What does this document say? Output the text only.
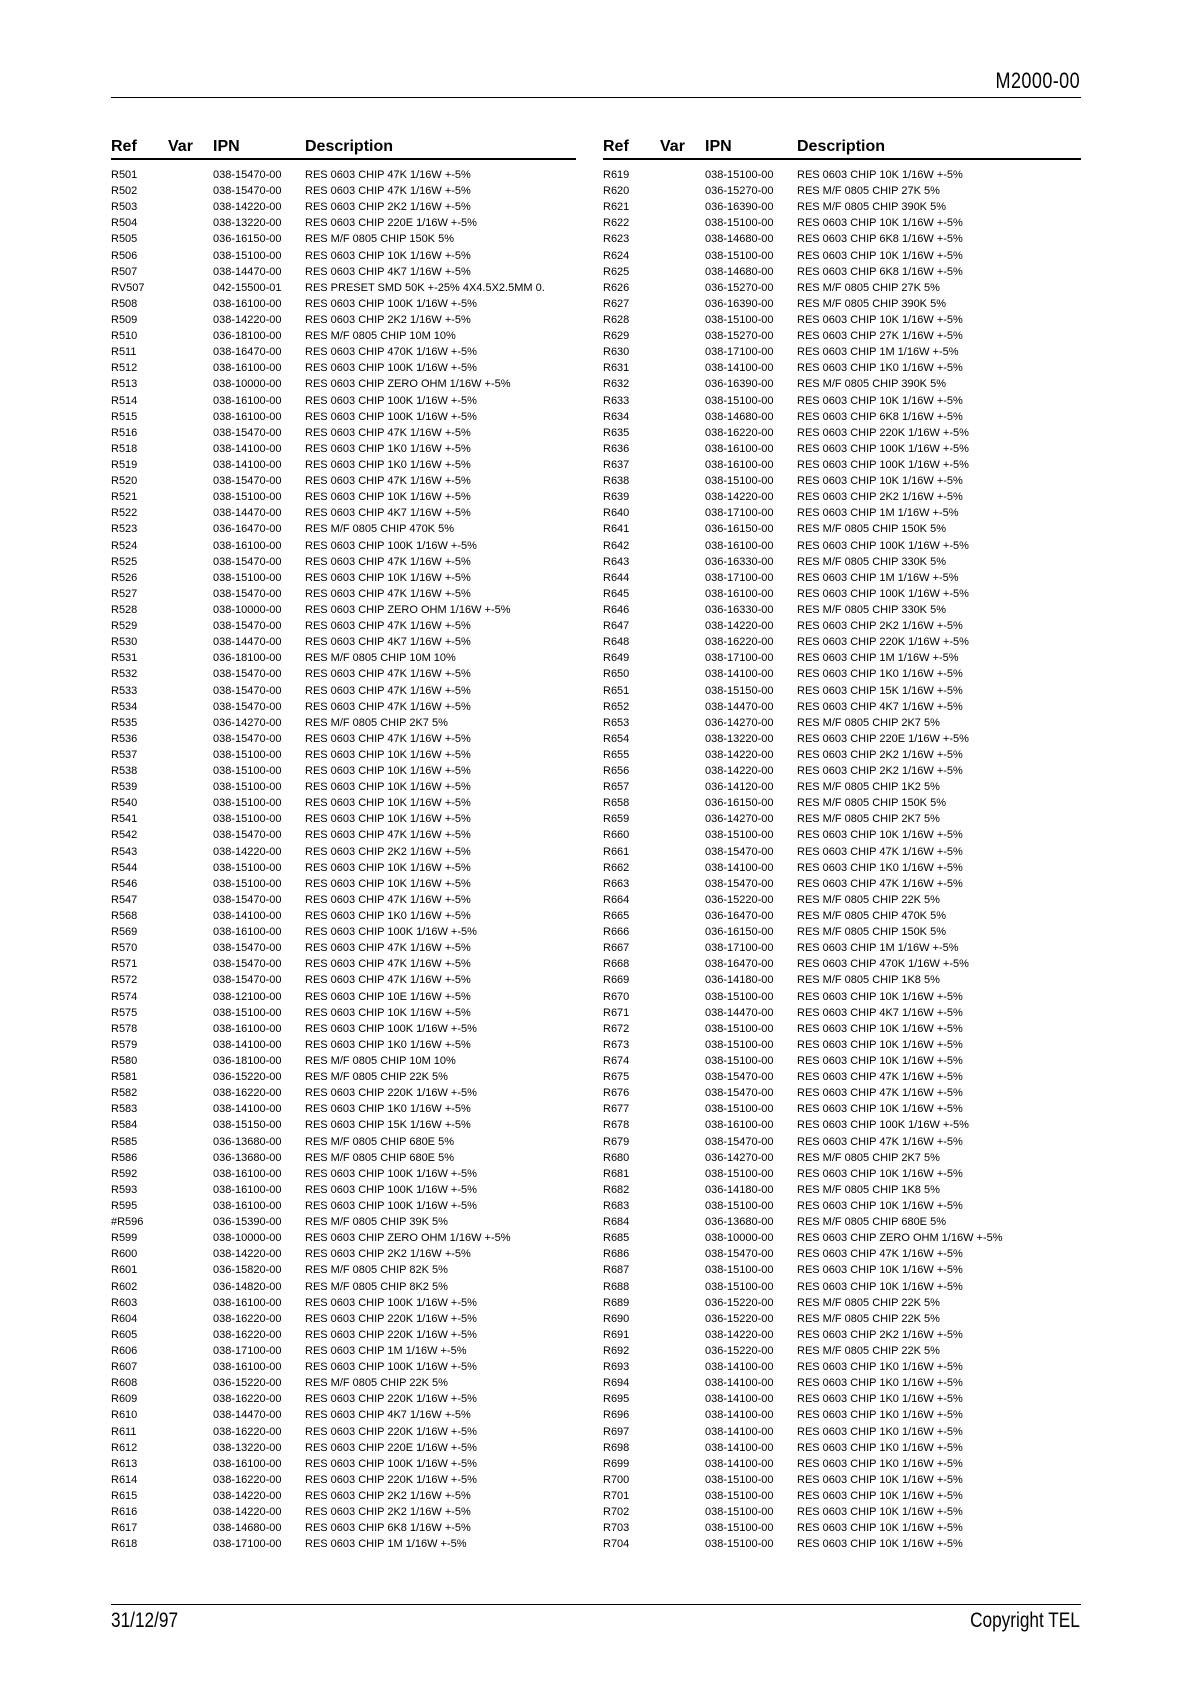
M2000-00
Ref Var IPN	Description
R501	038-15470-00 RES 0603 CHIP 47K 1/16W +-5%
R502	038-15470-00 RES 0603 CHIP 47K 1/16W +-5%
R503	038-14220-00 RES 0603 CHIP 2K2 1/16W +-5%
R504	038-13220-00 RES 0603 CHIP 220E 1/16W +-5%
R505	036-16150-00 RES M/F 0805 CHIP 150K 5%
R506	038-15100-00 RES 0603 CHIP 10K 1/16W +-5%
R507	038-14470-00 RES 0603 CHIP 4K7 1/16W +-5%
RV507	042-15500-01 RES PRESET SMD 50K +-25% 4X4.5X2.5MM 0.
R508	038-16100-00 RES 0603 CHIP 100K 1/16W +-5%
R509	038-14220-00 RES 0603 CHIP 2K2 1/16W +-5%
R510	036-18100-00 RES M/F 0805 CHIP 10M 10%
R511	038-16470-00 RES 0603 CHIP 470K 1/16W +-5%
R512	038-16100-00 RES 0603 CHIP 100K 1/16W +-5%
R513	038-10000-00 RES 0603 CHIP ZERO OHM 1/16W +-5%
R514	038-16100-00 RES 0603 CHIP 100K 1/16W +-5%
R515	038-16100-00 RES 0603 CHIP 100K 1/16W +-5%
R516	038-15470-00 RES 0603 CHIP 47K 1/16W +-5%
R518	038-14100-00 RES 0603 CHIP 1K0 1/16W +-5%
R519	038-14100-00 RES 0603 CHIP 1K0 1/16W +-5%
R520	038-15470-00 RES 0603 CHIP 47K 1/16W +-5%
R521	038-15100-00 RES 0603 CHIP 10K 1/16W +-5%
R522	038-14470-00 RES 0603 CHIP 4K7 1/16W +-5%
R523	036-16470-00 RES M/F 0805 CHIP 470K 5%
R524	038-16100-00 RES 0603 CHIP 100K 1/16W +-5%
R525	038-15470-00 RES 0603 CHIP 47K 1/16W +-5%
R526	038-15100-00 RES 0603 CHIP 10K 1/16W +-5%
R527	038-15470-00 RES 0603 CHIP 47K 1/16W +-5%
R528	038-10000-00 RES 0603 CHIP ZERO OHM 1/16W +-5%
R529	038-15470-00 RES 0603 CHIP 47K 1/16W +-5%
R530	038-14470-00 RES 0603 CHIP 4K7 1/16W +-5%
R531	036-18100-00 RES M/F 0805 CHIP 10M 10%
R532	038-15470-00 RES 0603 CHIP 47K 1/16W +-5%
R533	038-15470-00 RES 0603 CHIP 47K 1/16W +-5%
R534	038-15470-00 RES 0603 CHIP 47K 1/16W +-5%
R535	036-14270-00 RES M/F 0805 CHIP 2K7 5%
R536	038-15470-00 RES 0603 CHIP 47K 1/16W +-5%
R537	038-15100-00 RES 0603 CHIP 10K 1/16W +-5%
R538	038-15100-00 RES 0603 CHIP 10K 1/16W +-5%
R539	038-15100-00 RES 0603 CHIP 10K 1/16W +-5%
R540	038-15100-00 RES 0603 CHIP 10K 1/16W +-5%
R541	038-15100-00 RES 0603 CHIP 10K 1/16W +-5%
R542	038-15470-00 RES 0603 CHIP 47K 1/16W +-5%
R543	038-14220-00 RES 0603 CHIP 2K2 1/16W +-5%
R544	038-15100-00 RES 0603 CHIP 10K 1/16W +-5%
R546	038-15100-00 RES 0603 CHIP 10K 1/16W +-5%
R547	038-15470-00 RES 0603 CHIP 47K 1/16W +-5%
R568	038-14100-00 RES 0603 CHIP 1K0 1/16W +-5%
R569	038-16100-00 RES 0603 CHIP 100K 1/16W +-5%
R570	038-15470-00 RES 0603 CHIP 47K 1/16W +-5%
R571	038-15470-00 RES 0603 CHIP 47K 1/16W +-5%
R572	038-15470-00 RES 0603 CHIP 47K 1/16W +-5%
R574	038-12100-00 RES 0603 CHIP 10E 1/16W +-5%
R575	038-15100-00 RES 0603 CHIP 10K 1/16W +-5%
R578	038-16100-00 RES 0603 CHIP 100K 1/16W +-5%
R579	038-14100-00 RES 0603 CHIP 1K0 1/16W +-5%
R580	036-18100-00 RES M/F 0805 CHIP 10M 10%
R581	036-15220-00 RES M/F 0805 CHIP 22K 5%
R582	038-16220-00 RES 0603 CHIP 220K 1/16W +-5%
R583	038-14100-00 RES 0603 CHIP 1K0 1/16W +-5%
R584	038-15150-00 RES 0603 CHIP 15K 1/16W +-5%
R585	036-13680-00 RES M/F 0805 CHIP 680E 5%
R586	036-13680-00 RES M/F 0805 CHIP 680E 5%
R592	038-16100-00 RES 0603 CHIP 100K 1/16W +-5%
R593	038-16100-00 RES 0603 CHIP 100K 1/16W +-5%
R595	038-16100-00 RES 0603 CHIP 100K 1/16W +-5%
#R596	036-15390-00 RES M/F 0805 CHIP 39K 5%
R599	038-10000-00 RES 0603 CHIP ZERO OHM 1/16W +-5%
R600	038-14220-00 RES 0603 CHIP 2K2 1/16W +-5%
R601	036-15820-00 RES M/F 0805 CHIP 82K 5%
R602	036-14820-00 RES M/F 0805 CHIP 8K2 5%
R603	038-16100-00 RES 0603 CHIP 100K 1/16W +-5%
R604	038-16220-00 RES 0603 CHIP 220K 1/16W +-5%
R605	038-16220-00 RES 0603 CHIP 220K 1/16W +-5%
R606	038-17100-00 RES 0603 CHIP 1M 1/16W +-5%
R607	038-16100-00 RES 0603 CHIP 100K 1/16W +-5%
R608	036-15220-00 RES M/F 0805 CHIP 22K 5%
R609	038-16220-00 RES 0603 CHIP 220K 1/16W +-5%
R610	038-14470-00 RES 0603 CHIP 4K7 1/16W +-5%
R611	038-16220-00 RES 0603 CHIP 220K 1/16W +-5%
R612	038-13220-00 RES 0603 CHIP 220E 1/16W +-5%
R613	038-16100-00 RES 0603 CHIP 100K 1/16W +-5%
R614	038-16220-00 RES 0603 CHIP 220K 1/16W +-5%
R615	038-14220-00 RES 0603 CHIP 2K2 1/16W +-5%
R616	038-14220-00 RES 0603 CHIP 2K2 1/16W +-5%
R617	038-14680-00 RES 0603 CHIP 6K8 1/16W +-5%
R618	038-17100-00 RES 0603 CHIP 1M 1/16W +-5%
Ref Var IPN	Description
R619	038-15100-00 RES 0603 CHIP 10K 1/16W +-5%
R620	036-15270-00 RES M/F 0805 CHIP 27K 5%
R621	036-16390-00 RES M/F 0805 CHIP 390K 5%
R622	038-15100-00 RES 0603 CHIP 10K 1/16W +-5%
R623	038-14680-00 RES 0603 CHIP 6K8 1/16W +-5%
R624	038-15100-00 RES 0603 CHIP 10K 1/16W +-5%
R625	038-14680-00 RES 0603 CHIP 6K8 1/16W +-5%
R626	036-15270-00 RES M/F 0805 CHIP 27K 5%
R627	036-16390-00 RES M/F 0805 CHIP 390K 5%
R628	038-15100-00 RES 0603 CHIP 10K 1/16W +-5%
R629	038-15270-00 RES 0603 CHIP 27K 1/16W +-5%
R630	038-17100-00 RES 0603 CHIP 1M 1/16W +-5%
R631	038-14100-00 RES 0603 CHIP 1K0 1/16W +-5%
R632	036-16390-00 RES M/F 0805 CHIP 390K 5%
R633	038-15100-00 RES 0603 CHIP 10K 1/16W +-5%
R634	038-14680-00 RES 0603 CHIP 6K8 1/16W +-5%
R635	038-16220-00 RES 0603 CHIP 220K 1/16W +-5%
R636	038-16100-00 RES 0603 CHIP 100K 1/16W +-5%
R637	038-16100-00 RES 0603 CHIP 100K 1/16W +-5%
R638	038-15100-00 RES 0603 CHIP 10K 1/16W +-5%
R639	038-14220-00 RES 0603 CHIP 2K2 1/16W +-5%
R640	038-17100-00 RES 0603 CHIP 1M 1/16W +-5%
R641	036-16150-00 RES M/F 0805 CHIP 150K 5%
R642	038-16100-00 RES 0603 CHIP 100K 1/16W +-5%
R643	036-16330-00 RES M/F 0805 CHIP 330K 5%
R644	038-17100-00 RES 0603 CHIP 1M 1/16W +-5%
R645	038-16100-00 RES 0603 CHIP 100K 1/16W +-5%
R646	036-16330-00 RES M/F 0805 CHIP 330K 5%
R647	038-14220-00 RES 0603 CHIP 2K2 1/16W +-5%
R648	038-16220-00 RES 0603 CHIP 220K 1/16W +-5%
R649	038-17100-00 RES 0603 CHIP 1M 1/16W +-5%
R650	038-14100-00 RES 0603 CHIP 1K0 1/16W +-5%
R651	038-15150-00 RES 0603 CHIP 15K 1/16W +-5%
R652	038-14470-00 RES 0603 CHIP 4K7 1/16W +-5%
R653	036-14270-00 RES M/F 0805 CHIP 2K7 5%
R654	038-13220-00 RES 0603 CHIP 220E 1/16W +-5%
R655	038-14220-00 RES 0603 CHIP 2K2 1/16W +-5%
R656	038-14220-00 RES 0603 CHIP 2K2 1/16W +-5%
R657	036-14120-00 RES M/F 0805 CHIP 1K2 5%
R658	036-16150-00 RES M/F 0805 CHIP 150K 5%
R659	036-14270-00 RES M/F 0805 CHIP 2K7 5%
R660	038-15100-00 RES 0603 CHIP 10K 1/16W +-5%
R661	038-15470-00 RES 0603 CHIP 47K 1/16W +-5%
R662	038-14100-00 RES 0603 CHIP 1K0 1/16W +-5%
R663	038-15470-00 RES 0603 CHIP 47K 1/16W +-5%
R664	036-15220-00 RES M/F 0805 CHIP 22K 5%
R665	036-16470-00 RES M/F 0805 CHIP 470K 5%
R666	036-16150-00 RES M/F 0805 CHIP 150K 5%
R667	038-17100-00 RES 0603 CHIP 1M 1/16W +-5%
R668	038-16470-00 RES 0603 CHIP 470K 1/16W +-5%
R669	036-14180-00 RES M/F 0805 CHIP 1K8 5%
R670	038-15100-00 RES 0603 CHIP 10K 1/16W +-5%
R671	038-14470-00 RES 0603 CHIP 4K7 1/16W +-5%
R672	038-15100-00 RES 0603 CHIP 10K 1/16W +-5%
R673	038-15100-00 RES 0603 CHIP 10K 1/16W +-5%
R674	038-15100-00 RES 0603 CHIP 10K 1/16W +-5%
R675	038-15470-00 RES 0603 CHIP 47K 1/16W +-5%
R676	038-15470-00 RES 0603 CHIP 47K 1/16W +-5%
R677	038-15100-00 RES 0603 CHIP 10K 1/16W +-5%
R678	038-16100-00 RES 0603 CHIP 100K 1/16W +-5%
R679	038-15470-00 RES 0603 CHIP 47K 1/16W +-5%
R680	036-14270-00 RES M/F 0805 CHIP 2K7 5%
R681	038-15100-00 RES 0603 CHIP 10K 1/16W +-5%
R682	036-14180-00 RES M/F 0805 CHIP 1K8 5%
R683	038-15100-00 RES 0603 CHIP 10K 1/16W +-5%
R684	036-13680-00 RES M/F 0805 CHIP 680E 5%
R685	038-10000-00 RES 0603 CHIP ZERO OHM 1/16W +-5%
R686	038-15470-00 RES 0603 CHIP 47K 1/16W +-5%
R687	038-15100-00 RES 0603 CHIP 10K 1/16W +-5%
R688	038-15100-00 RES 0603 CHIP 10K 1/16W +-5%
R689	036-15220-00 RES M/F 0805 CHIP 22K 5%
R690	036-15220-00 RES M/F 0805 CHIP 22K 5%
R691	038-14220-00 RES 0603 CHIP 2K2 1/16W +-5%
R692	036-15220-00 RES M/F 0805 CHIP 22K 5%
R693	038-14100-00 RES 0603 CHIP 1K0 1/16W +-5%
R694	038-14100-00 RES 0603 CHIP 1K0 1/16W +-5%
R695	038-14100-00 RES 0603 CHIP 1K0 1/16W +-5%
R696	038-14100-00 RES 0603 CHIP 1K0 1/16W +-5%
R697	038-14100-00 RES 0603 CHIP 1K0 1/16W +-5%
R698	038-14100-00 RES 0603 CHIP 1K0 1/16W +-5%
R699	038-14100-00 RES 0603 CHIP 1K0 1/16W +-5%
R700	038-15100-00 RES 0603 CHIP 10K 1/16W +-5%
R701	038-15100-00 RES 0603 CHIP 10K 1/16W +-5%
R702	038-15100-00 RES 0603 CHIP 10K 1/16W +-5%
R703	038-15100-00 RES 0603 CHIP 10K 1/16W +-5%
R704	038-15100-00 RES 0603 CHIP 10K 1/16W +-5%
31/12/97	Copyright TEL
